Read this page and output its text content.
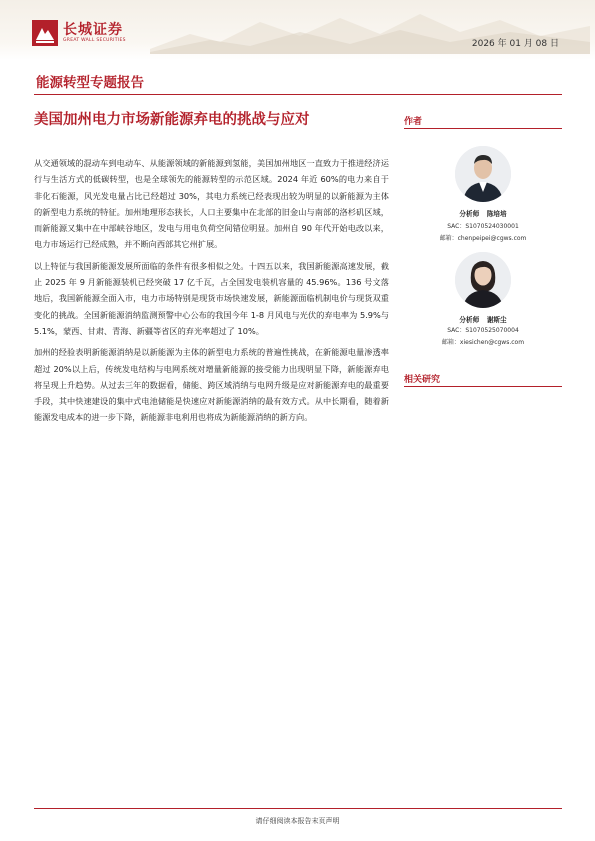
长城证券
GREAT WALL SECURITIES	2026 年 01 月 08 日
能源转型专题报告
美国加州电力市场新能源弃电的挑战与应对

从交通领域的混动车到电动车、从能源领域的新能源到氢能，美国加州地区一直致力于推进经济运行与生活方式的低碳转型，也是全球领先的能源转型的示范区域。2024 年近 60%的电力来自于非化石能源，风光发电量占比已经超过 30%，其电力系统已经表现出较为明显的以新能源为主体的新型电力系统的特征。加州地理形态狭长，人口主要集中在北部的旧金山与南部的洛杉矶区域，而新能源又集中在中部峡谷地区，发电与用电负荷空间错位明显。加州自 90 年代开始电改以来，电力市场运行已经成熟，并不断向西部其它州扩展。

以上特征与我国新能源发展所面临的条件有很多相似之处。十四五以来，我国新能源高速发展，截止 2025 年 9 月新能源装机已经突破 17 亿千瓦，占全国发电装机容量的 45.96%。136 号文落地后，我国新能源全面入市，电力市场特别是现货市场快速发展，新能源面临机制电价与现货双重变化的挑战。全国新能源消纳监测预警中心公布的我国今年 1-8 月风电与光伏的弃电率为 5.9%与 5.1%，蒙西、甘肃、青海、新疆等省区的弃光率超过了 10%。

加州的经验表明新能源消纳是以新能源为主体的新型电力系统的普遍性挑战，在新能源电量渗透率超过 20%以上后，传统发电结构与电网系统对增量新能源的接受能力出现明显下降，新能源弃电将呈现上升趋势。从过去三年的数据看，储能、跨区域消纳与电网升级是应对新能源弃电的最重要手段，其中快速建设的集中式电池储能是快速应对新能源消纳的最有效方式。从中长期看，随着新能源发电成本的进一步下降，新能源非电利用也将成为新能源消纳的新方向。

作者
分析师 陈培培
SAC：S1070524030001
邮箱：chenpeipei@cgws.com
分析师 谢斯尘
SAC：S1070525070004
邮箱：xiesichen@cgws.com
相关研究
请仔细阅读本报告末页声明
